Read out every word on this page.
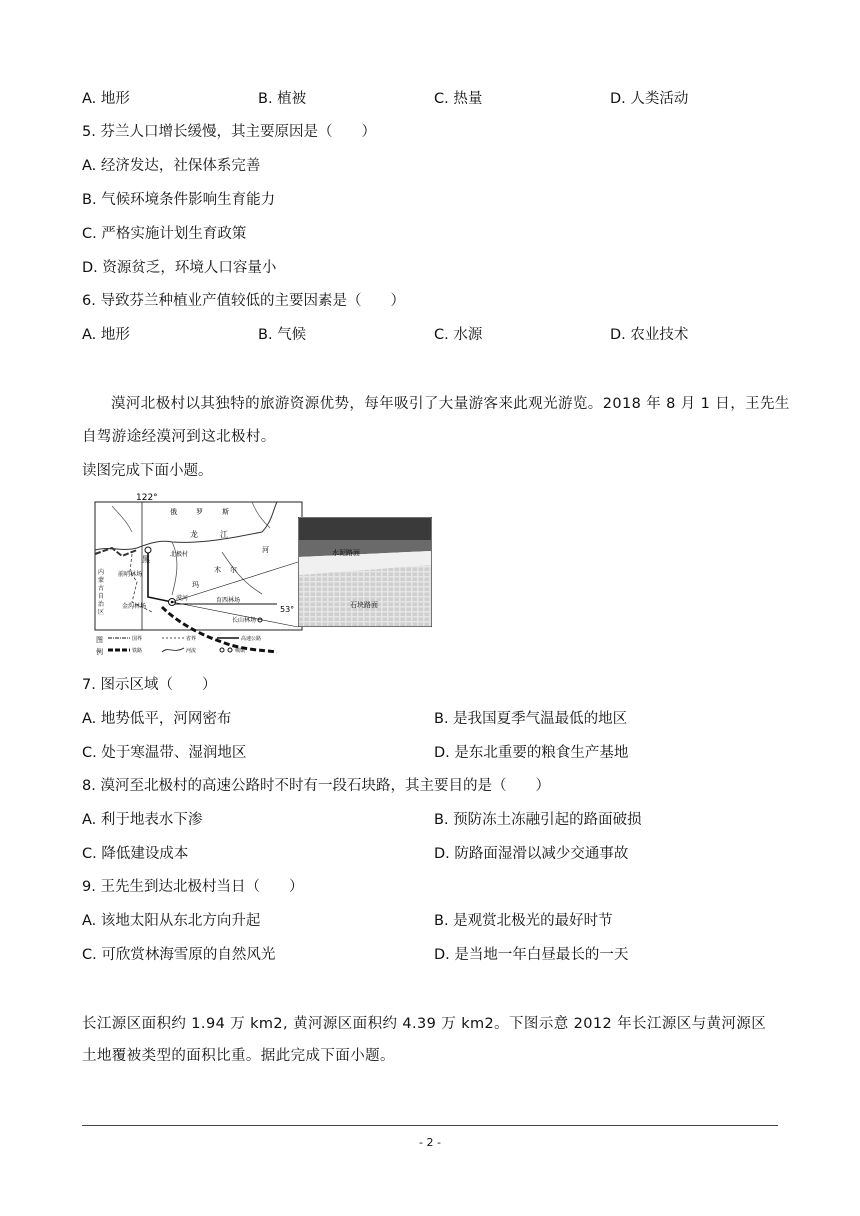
A. 地形	B. 植被	C. 热量	D. 人类活动
5. 芬兰人口增长缓慢，其主要原因是（　　）
A. 经济发达，社保体系完善
B. 气候环境条件影响生育能力
C. 严格实施计划生育政策
D. 资源贫乏，环境人口容量小
6. 导致芬兰种植业产值较低的主要因素是（　　）
A. 地形	B. 气候	C. 水源	D. 农业技术
漠河北极村以其独特的旅游资源优势，每年吸引了大量游客来此观光游览。2018 年 8 月 1 日，王先生
自驾游途经漠河到这北极村。
读图完成下面小题。
122°
俄	罗	斯
龙	江
黑
北极村
河
木 尔
玛
前哨林场
金沟林场
漠河	育西林场
长山林场
53°
内
蒙
古
自
治
区
图
例
国界	省界	高速公路
铁路	河流	城镇
水泥路面
石块路面
7. 图示区域（　　）
A. 地势低平，河网密布	B. 是我国夏季气温最低的地区
C. 处于寒温带、湿润地区	D. 是东北重要的粮食生产基地
8. 漠河至北极村的高速公路时不时有一段石块路，其主要目的是（　　）
A. 利于地表水下渗	B. 预防冻土冻融引起的路面破损
C. 降低建设成本	D. 防路面湿滑以减少交通事故
9. 王先生到达北极村当日（　　）
A. 该地太阳从东北方向升起	B. 是观赏北极光的最好时节
C. 可欣赏林海雪原的自然风光	D. 是当地一年白昼最长的一天
长江源区面积约 1.94 万 km2, 黄河源区面积约 4.39 万 km2。下图示意 2012 年长江源区与黄河源区土地覆被类型的面积比重。据此完成下面小题。
- 2 -
